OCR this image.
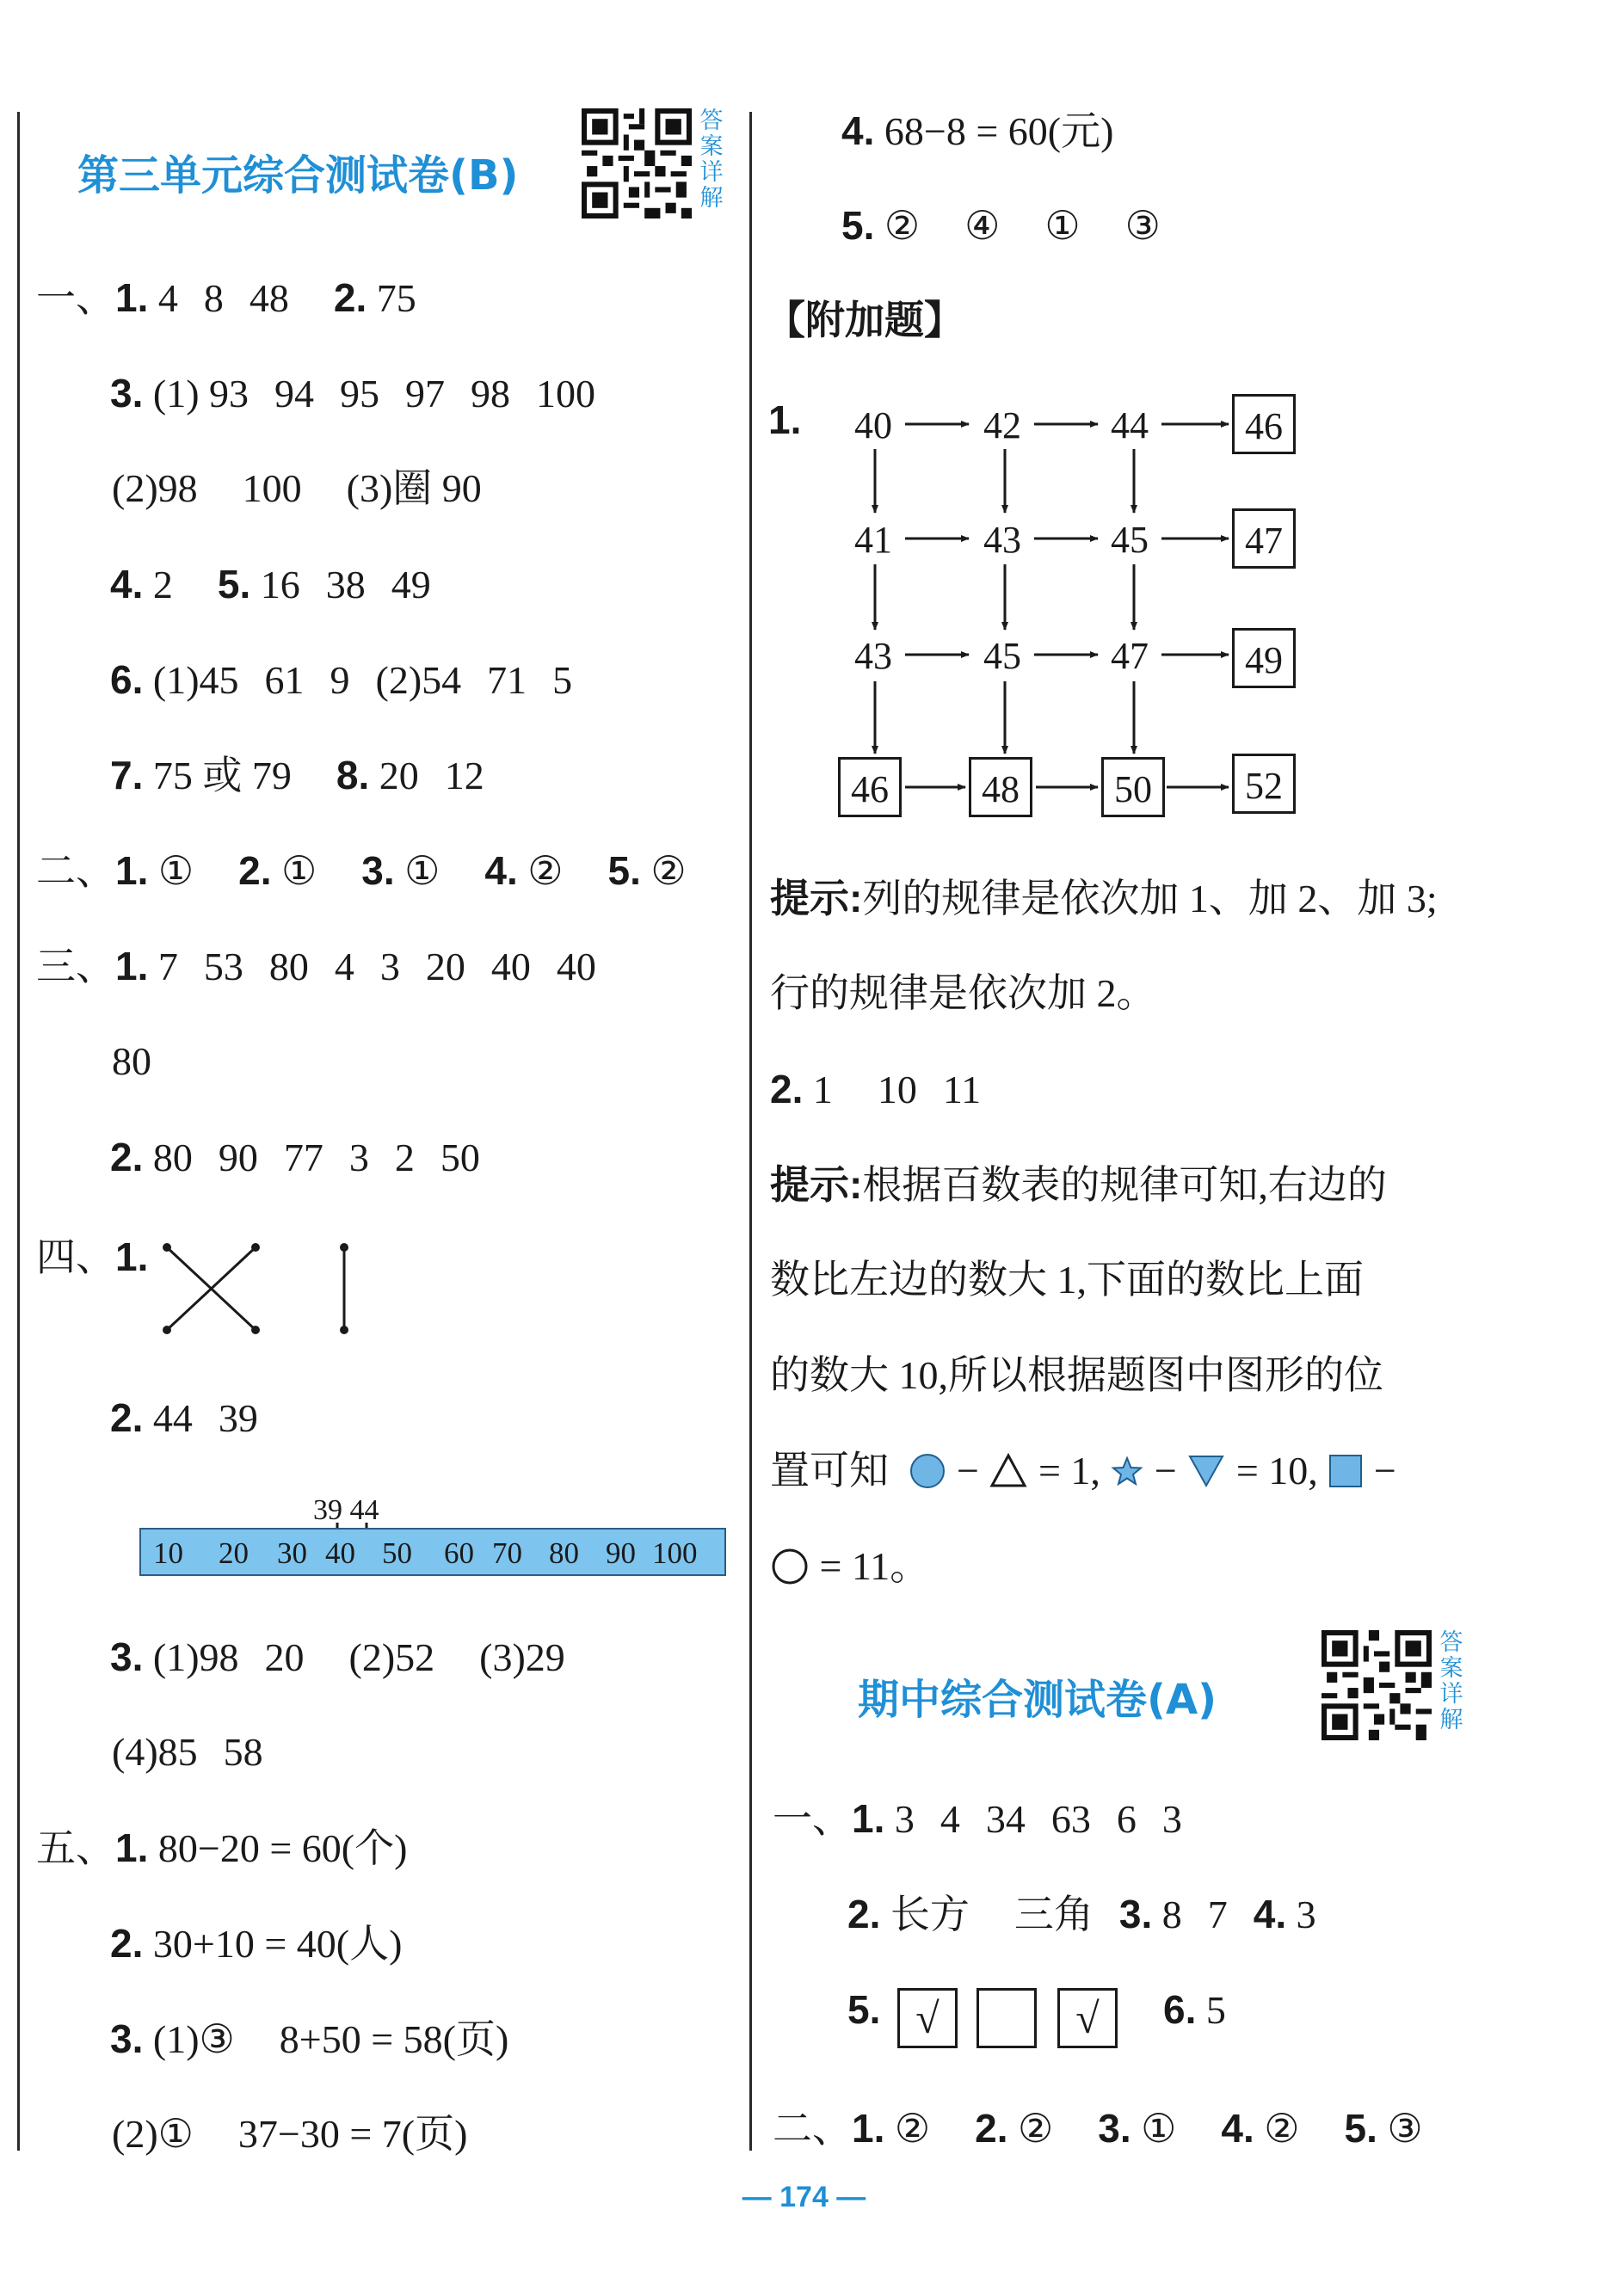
第三单元综合测试卷(B)
答
案
详
解
一、1. 4 8 48 2. 75
3. (1) 93 94 95 97 98 100
(2)98 100 (3)圈 90
4. 2 5. 16 38 49
6. (1)45 61 9 (2)54 71 5
7. 75 或 79 8. 20 12
二、1. ① 2. ① 3. ① 4. ② 5. ②
三、1. 7 53 80 4 3 20 40 40
80
2. 80 90 77 3 2 50
四、1.
2. 44 39
39 44
10 20 30 40 50 60 70 80 90 100
3. (1)98 20 (2)52 (3)29
(4)85 58
五、1. 80−20 = 60(个)
2. 30+10 = 40(人)
3. (1)③ 8+50 = 58(页)
(2)① 37−30 = 7(页)
4. 68−8 = 60(元)
5. ② ④ ① ③
【附加题】
1. 40 42 44	46
41 43 45	47
43 45 47	49
46	48	50	52
提示:列的规律是依次加 1、加 2、加 3;
行的规律是依次加 2。
2. 1 10 11
提示:根据百数表的规律可知,右边的
数比左边的数大 1,下面的数比上面
的数大 10,所以根据题图中图形的位
置可知  −  = 1,  −  = 10,  −
= 11。
期中综合测试卷(A)
答
案
详
解
一、1. 3 4 34 63 6 3
2. 长方 三角 3. 8 7 4. 3
5. √	√	6. 5
二、1. ② 2. ② 3. ① 4. ② 5. ③
— 174 —
